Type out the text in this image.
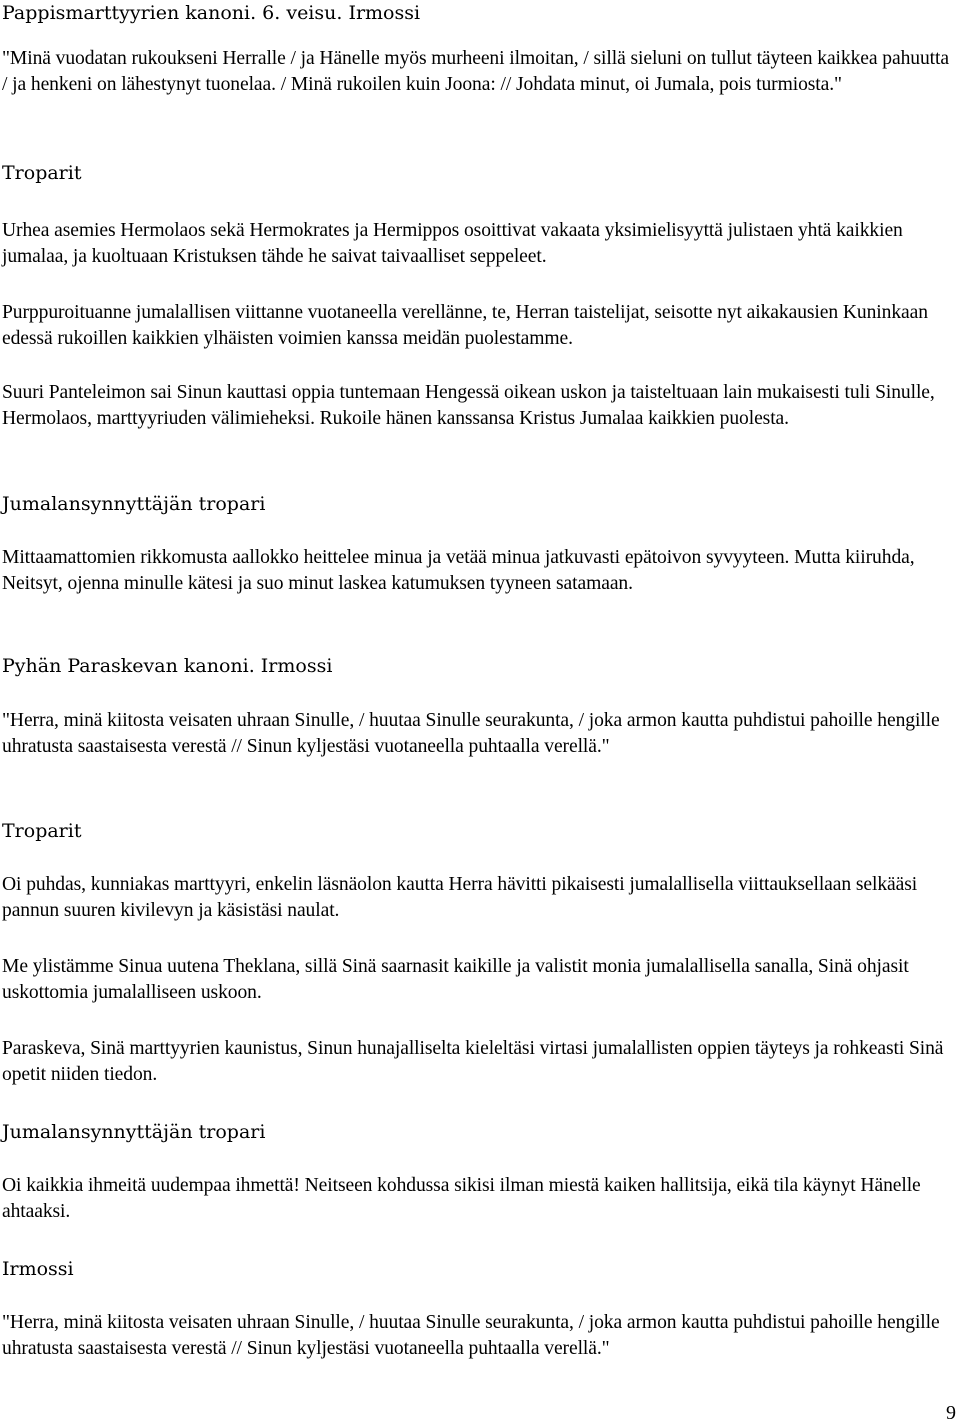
Pappismarttyyrien kanoni. 6. veisu. Irmossi

"Minä vuodatan rukoukseni Herralle / ja Hänelle myös murheeni ilmoitan, / sillä sieluni on tullut täyteen kaikkea pahuutta / ja henkeni on lähestynyt tuonelaa. / Minä rukoilen kuin Joona: // Johdata minut, oi Jumala, pois turmiosta."

Troparit

Urhea asemies Hermolaos sekä Hermokrates ja Hermippos osoittivat vakaata yksimielisyyttä julistaen yhtä kaikkien jumalaa, ja kuoltuaan Kristuksen tähde he saivat taivaalliset seppeleet.

Purppuroituanne jumalallisen viittanne vuotaneella verellänne, te, Herran taistelijat, seisotte nyt aikakausien Kuninkaan edessä rukoillen kaikkien ylhäisten voimien kanssa meidän puolestamme.

Suuri Panteleimon sai Sinun kauttasi oppia tuntemaan Hengessä oikean uskon ja taisteltuaan lain mukaisesti tuli Sinulle, Hermolaos, marttyyriuden välimieheksi. Rukoile hänen kanssansa Kristus Jumalaa kaikkien puolesta.

Jumalansynnyttäjän tropari

Mittaamattomien rikkomusta aallokko heittelee minua ja vetää minua jatkuvasti epätoivon syvyyteen. Mutta kiiruhda, Neitsyt, ojenna minulle kätesi ja suo minut laskea katumuksen tyyneen satamaan.

Pyhän Paraskevan kanoni. Irmossi

"Herra, minä kiitosta veisaten uhraan Sinulle, / huutaa Sinulle seurakunta, / joka armon kautta puhdistui pahoille hengille uhratusta saastaisesta verestä // Sinun kyljestäsi vuotaneella puhtaalla verellä."

Troparit

Oi puhdas, kunniakas marttyyri, enkelin läsnäolon kautta Herra hävitti pikaisesti jumalallisella viittauksellaan selkääsi pannun suuren kivilevyn ja käsistäsi naulat.

Me ylistämme Sinua uutena Theklana, sillä Sinä saarnasit kaikille ja valistit monia jumalallisella sanalla, Sinä ohjasit uskottomia jumalalliseen uskoon.

Paraskeva, Sinä marttyyrien kaunistus, Sinun hunajalliselta kieleltäsi virtasi jumalallisten oppien täyteys ja rohkeasti Sinä opetit niiden tiedon.

Jumalansynnyttäjän tropari

Oi kaikkia ihmeitä uudempaa ihmettä! Neitseen kohdussa sikisi ilman miestä kaiken hallitsija, eikä tila käynyt Hänelle ahtaaksi.

Irmossi

"Herra, minä kiitosta veisaten uhraan Sinulle, / huutaa Sinulle seurakunta, / joka armon kautta puhdistui pahoille hengille uhratusta saastaisesta verestä // Sinun kyljestäsi vuotaneella puhtaalla verellä."

9
